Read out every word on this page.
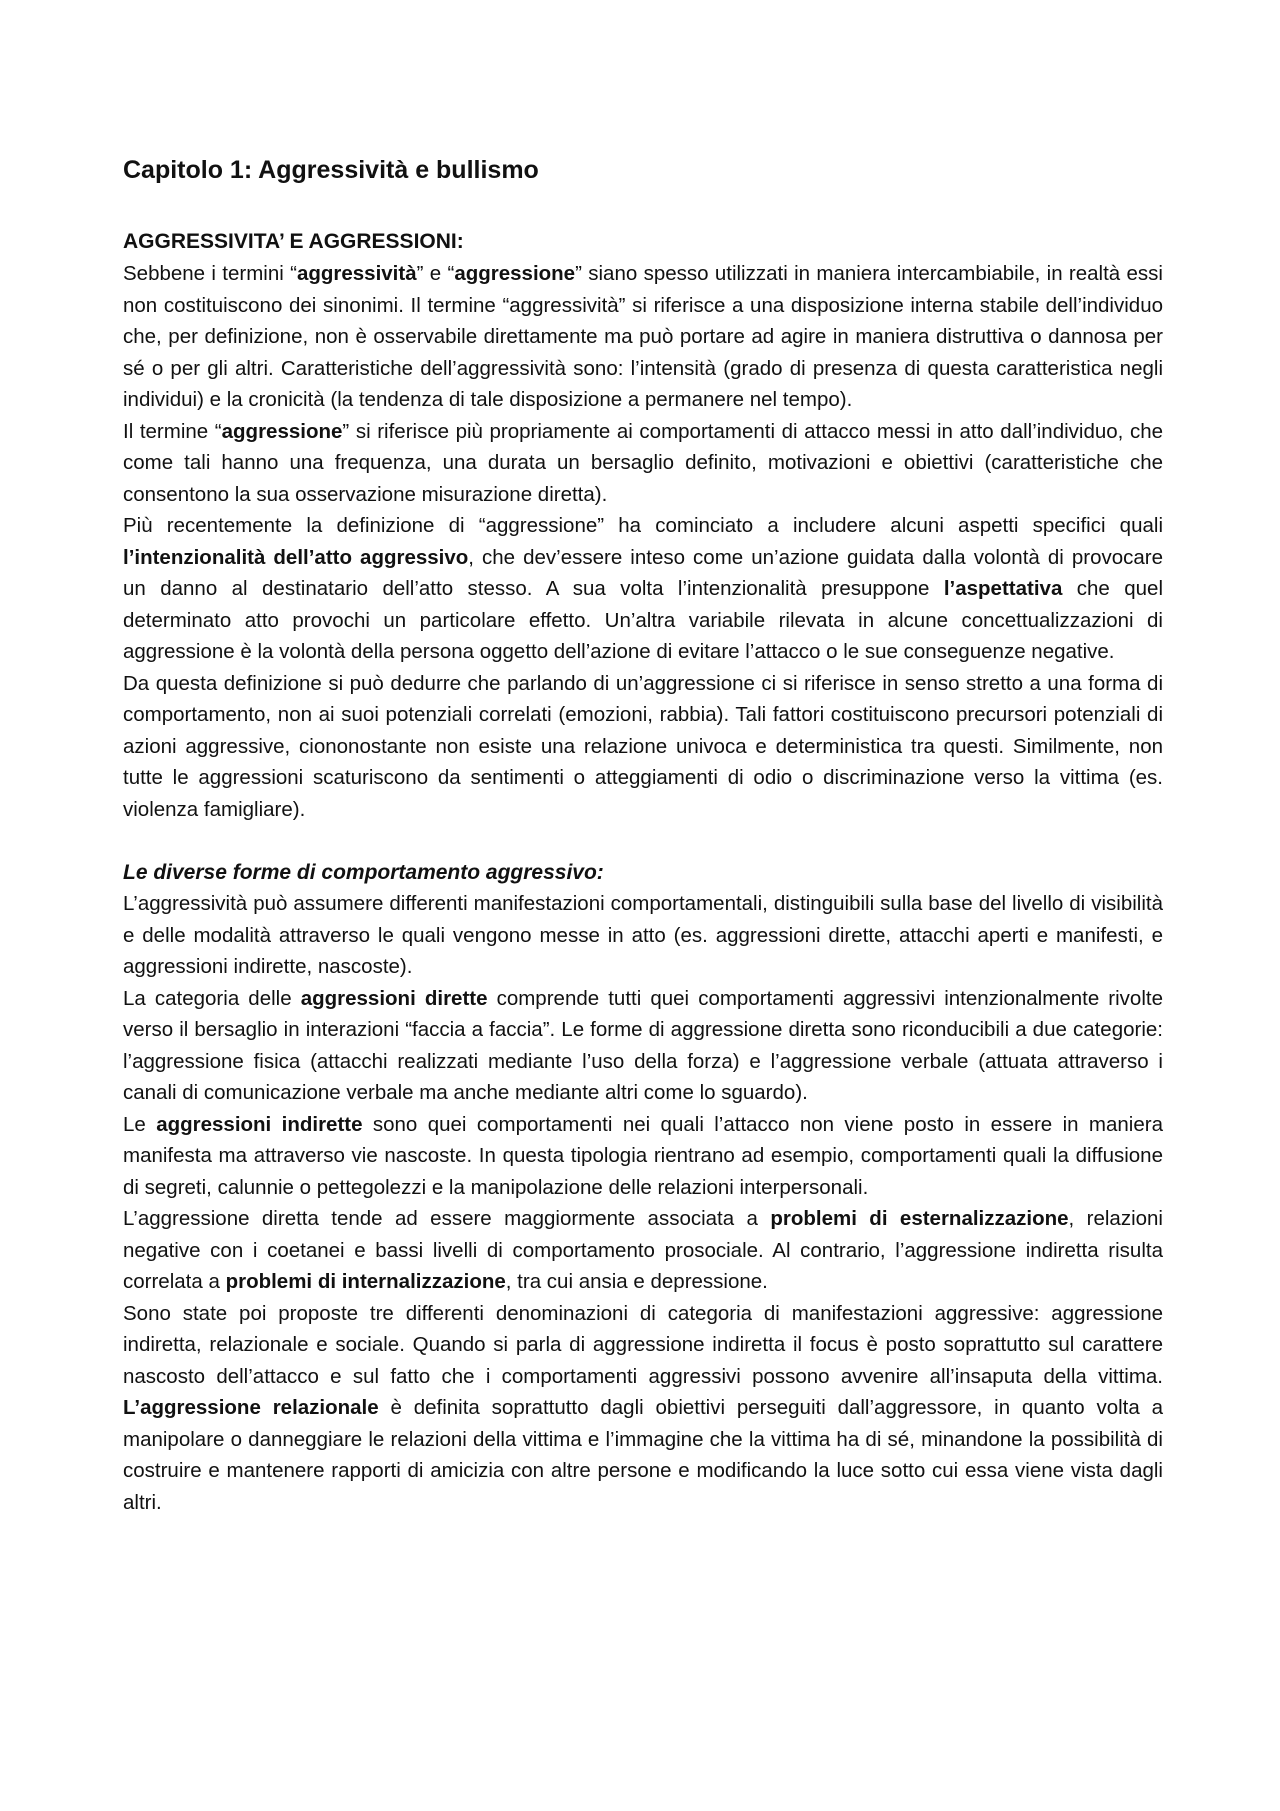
Capitolo 1: Aggressività e bullismo
AGGRESSIVITA’ E AGGRESSIONI:

Sebbene i termini “aggressività” e “aggressione” siano spesso utilizzati in maniera intercambiabile, in realtà essi non costituiscono dei sinonimi. Il termine “aggressività” si riferisce a una disposizione interna stabile dell’individuo che, per definizione, non è osservabile direttamente ma può portare ad agire in maniera distruttiva o dannosa per sé o per gli altri. Caratteristiche dell’aggressività sono: l’intensità (grado di presenza di questa caratteristica negli individui) e la cronicità (la tendenza di tale disposizione a permanere nel tempo).

Il termine “aggressione” si riferisce più propriamente ai comportamenti di attacco messi in atto dall’individuo, che come tali hanno una frequenza, una durata un bersaglio definito, motivazioni e obiettivi (caratteristiche che consentono la sua osservazione misurazione diretta).

Più recentemente la definizione di “aggressione” ha cominciato a includere alcuni aspetti specifici quali l’intenzionalità dell’atto aggressivo, che dev’essere inteso come un’azione guidata dalla volontà di provocare un danno al destinatario dell’atto stesso. A sua volta l’intenzionalità presuppone l’aspettativa che quel determinato atto provochi un particolare effetto. Un’altra variabile rilevata in alcune concettualizzazioni di aggressione è la volontà della persona oggetto dell’azione di evitare l’attacco o le sue conseguenze negative.

Da questa definizione si può dedurre che parlando di un’aggressione ci si riferisce in senso stretto a una forma di comportamento, non ai suoi potenziali correlati (emozioni, rabbia). Tali fattori costituiscono precursori potenziali di azioni aggressive, ciononostante non esiste una relazione univoca e deterministica tra questi. Similmente, non tutte le aggressioni scaturiscono da sentimenti o atteggiamenti di odio o discriminazione verso la vittima (es. violenza famigliare).

Le diverse forme di comportamento aggressivo:

L’aggressività può assumere differenti manifestazioni comportamentali, distinguibili sulla base del livello di visibilità e delle modalità attraverso le quali vengono messe in atto (es. aggressioni dirette, attacchi aperti e manifesti, e aggressioni indirette, nascoste).

La categoria delle aggressioni dirette comprende tutti quei comportamenti aggressivi intenzionalmente rivolte verso il bersaglio in interazioni “faccia a faccia”. Le forme di aggressione diretta sono riconducibili a due categorie: l’aggressione fisica (attacchi realizzati mediante l’uso della forza) e l’aggressione verbale (attuata attraverso i canali di comunicazione verbale ma anche mediante altri come lo sguardo).

Le aggressioni indirette sono quei comportamenti nei quali l’attacco non viene posto in essere in maniera manifesta ma attraverso vie nascoste. In questa tipologia rientrano ad esempio, comportamenti quali la diffusione di segreti, calunnie o pettegolezzi e la manipolazione delle relazioni interpersonali.

L’aggressione diretta tende ad essere maggiormente associata a problemi di esternalizzazione, relazioni negative con i coetanei e bassi livelli di comportamento prosociale. Al contrario, l’aggressione indiretta risulta correlata a problemi di internalizzazione, tra cui ansia e depressione.

Sono state poi proposte tre differenti denominazioni di categoria di manifestazioni aggressive: aggressione indiretta, relazionale e sociale. Quando si parla di aggressione indiretta il focus è posto soprattutto sul carattere nascosto dell’attacco e sul fatto che i comportamenti aggressivi possono avvenire all’insaputa della vittima. L’aggressione relazionale è definita soprattutto dagli obiettivi perseguiti dall’aggressore, in quanto volta a manipolare o danneggiare le relazioni della vittima e l’immagine che la vittima ha di sé, minandone la possibilità di costruire e mantenere rapporti di amicizia con altre persone e modificando la luce sotto cui essa viene vista dagli altri.
